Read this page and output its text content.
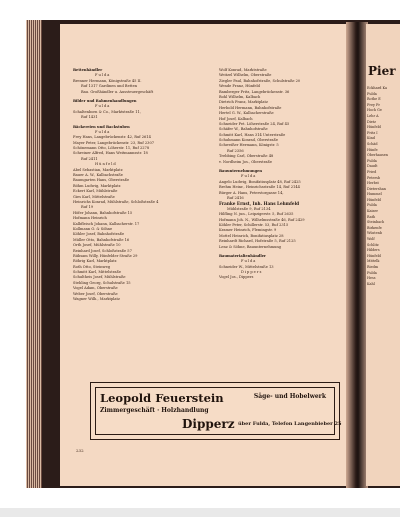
Pier
Eckhard Ka
Fulda
Rothe E
Frey Fr
Hoch Ge
Lehr A
Dietz
Hünfeld
Fritz I
Kind
Schäd
Hünfe
Oberhausen
Fulda
Daudt
Fried
Petersb
Herbst
Dietershan
Hummel
Hünfeld
Fulda
Kaiser
Rath
Steinbach
Birkenfe
Wüstenb
Wolf
Schlitz
Hilders
Hünfeld
Mittelk
Riedm
Fulda
Hess
Kahl
Bettenhändler
Fulda
Brenner Hermann, Königstraße 45 II.
Ruf 1317 Gardinen und Betten
Bau. Großhändler u. Aussteuergeschäft
Bilder und Rahmenhandlungen
Fulda
Schaltenborn & Co., Marktstraße 11,
Ruf 1431
Bäckereien und Backstuben
Fulda
Frey Hans, Langebrückenstr. 42, Ruf 2614
Mayer Peter, Langebrückenstr. 23, Ruf 2307
Schönemann Otto, Löherstr. 11, Ruf 2278
Schreiner Alfred, Hans Weitmannsstr. 18
Ruf 2411
Hünfeld
Abel Sebastian, Marktplatz
Bauer A. W., Kalbachstraße
Baumgarten Hans, Oberstraße
Böhm Ludwig, Marktplatz
Eckert Karl, Mühlstraße
Gies Karl, Mittelstraße
Heinrichs Konrad, Mühlstraße, Schloßstraße 4
Ruf 19
Höfer Johann, Bahnhofstraße 15
Hofmann Heinrich
Kalbfleisch Johann, Kalbacherstr. 17
Kollmann O. & Söhne
Köhler Josef, Bahnhofstraße
Müller Otto, Bahnhofstraße 16
Orth Josef, Mühlstraße 10
Reinhard Josef, Schloßstraße 57
Rübsam Willy, Hünfelder Straße 29
Röhrig Karl, Marktplatz
Roth Otto, Steinweg
Schmitt Karl, Mittelstraße
Schultheis Josef, Mühlstraße
Stehling Georg, Schulstraße 15
Vogel Adam, Oberstraße
Weber Josef, Oberstraße
Wagner Wilh., Marktplatz
Wolf Konrad, Marktstraße
Weitzel Wilhelm, Oberstraße
Ziegler Paul, Bahnhofstraße, Schulstraße 20
Wende Franz, Hünfeld
Bamberger Fritz, Langebrückenstr. 36
Bohl Wilhelm, Kalbach
Dietrich Franz, Marktplatz
Herbold Hermann, Bahnhofstraße
Hertel G. W., Kalbacherstraße
Hof Josef, Kalbach
Schneider Pet. Löherstraße 24, Ruf 45
Schäfer W., Bahnhofstraße
Schmitt Karl, Hans 314 Unterstraße
Schuhmann Konrad, Oberstraße
Schweißer Hermann, Königstr. 5
Ruf 2356
Trebbing Carl, Oberstraße 48
v. Nordheim Jos., Oberstraße
Bauunternehmungen
Fulda
Angelo Ludwig, Bonifatiusplatz 48, Ruf 2425
Brehm Heinr., Heinrichsstraße 14, Ruf 2144
Bürger A. Hans, Peterstorgasse 14,
Ruf 2416
Franke Ernst, Inh. Hans Lehmfeld
Mühlstraße 9, Ruf 2134
Hilfling N. jun., Leipzigerstr. 5, Ruf 2635
Hofmann Joh. N., Wilhelmsstraße 46, Ruf 2429
Köhler Peter, Schillerstr. 53, Ruf 2315
Kramer Heinrich, Flemingstr. 9
Mottel Heinrich, Bonifatiusplatz 28
Reinhardt Richard, Hofstraße 5, Ruf 2125
Lenz & Söhne, Bauunternehmung
Baumaterialienhändler
Fulda
Schneider W., Mittelstraße 13
Dipperz
Vogel Jos., Dipperz
Leopold Feuerstein	Säge- und Hobelwerk
Zimmergeschäft · Holzhandlung
Dipperz über Fulda, Telefon Langenbieber 25
232
